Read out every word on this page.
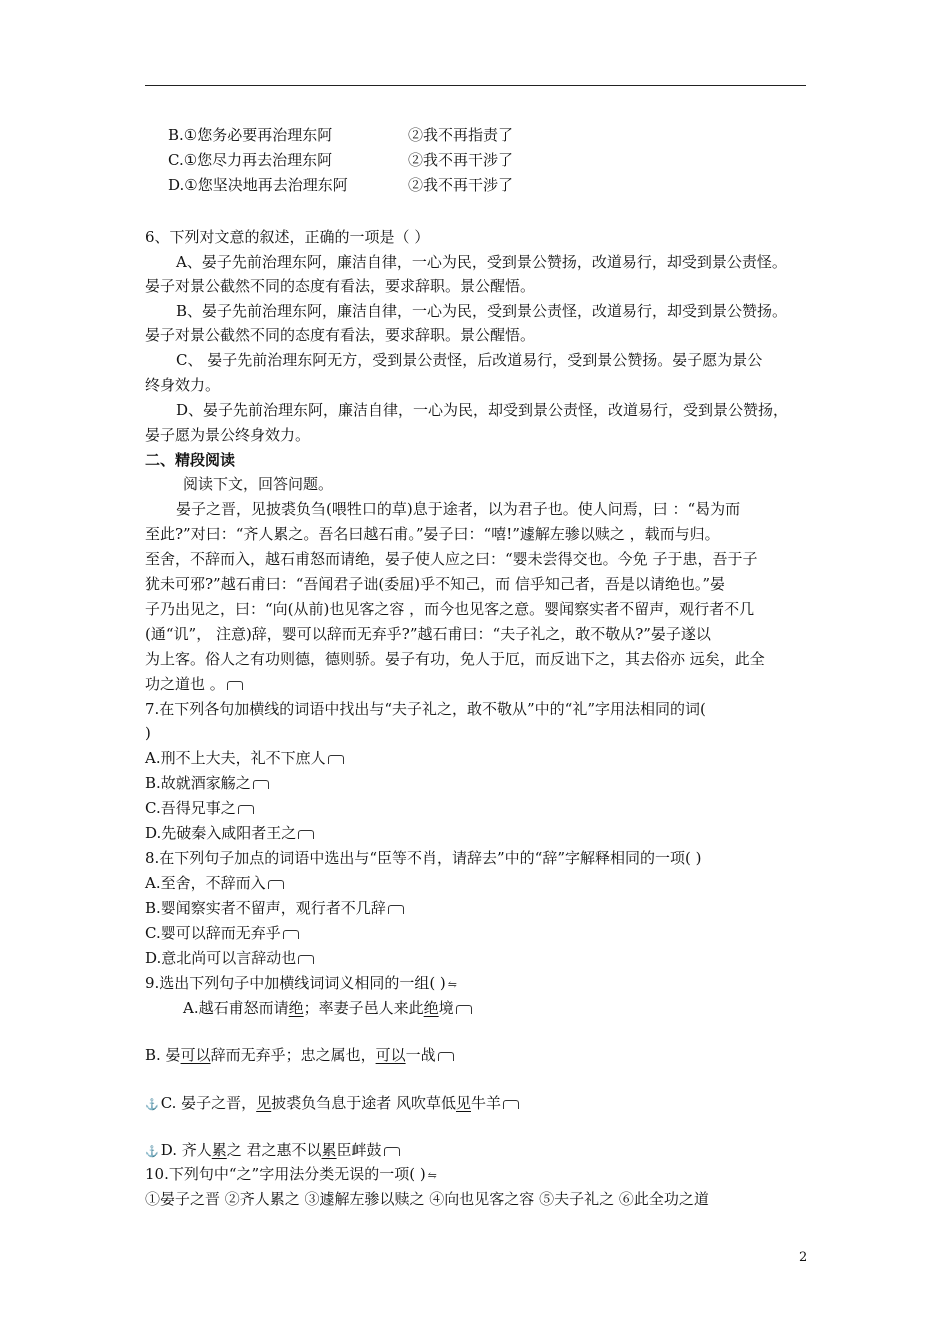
B.①您务必要再治理东阿	②我不再指责了
C.①您尽力再去治理东阿	②我不再干涉了
D.①您坚决地再去治理东阿	②我不再干涉了
6、下列对文意的叙述，正确的一项是（ ）
A、晏子先前治理东阿，廉洁自律，一心为民，受到景公赞扬，改道易行，却受到景公责怪。
晏子对景公截然不同的态度有看法，要求辞职。景公醒悟。
B、晏子先前治理东阿，廉洁自律，一心为民，受到景公责怪，改道易行，却受到景公赞扬。
晏子对景公截然不同的态度有看法，要求辞职。景公醒悟。
C、 晏子先前治理东阿无方，受到景公责怪，后改道易行，受到景公赞扬。晏子愿为景公
终身效力。
D、晏子先前治理东阿，廉洁自律，一心为民，却受到景公责怪，改道易行，受到景公赞扬，
晏子愿为景公终身效力。
二、精段阅读
阅读下文，回答问题。
晏子之晋，见披裘负刍(喂牲口的草)息于途者，以为君子也。使人问焉，曰 ：“曷为而
至此?”对曰：“齐人累之。吾名曰越石甫。”晏子曰：“嘻!”遽解左骖以赎之 ，载而与归。
至舍，不辞而入，越石甫怒而请绝，晏子使人应之曰：“婴未尝得交也。今免 子于患，吾于子
犹未可邪?”越石甫曰：“吾闻君子诎(委屈)乎不知己，而 信乎知己者，吾是以请绝也。”晏
子乃出见之，曰：“向(从前)也见客之容 ，而今也见客之意。婴闻察实者不留声，观行者不几
(通“讥”， 注意)辞，婴可以辞而无弃乎?”越石甫曰：“夫子礼之，敢不敬从?”晏子遂以
为上客。俗人之有功则德，德则骄。晏子有功，免人于厄，而反诎下之，其去俗亦 远矣，此全
功之道也 。
7.在下列各句加横线的词语中找出与“夫子礼之，敢不敬从”中的“礼”字用法相同的词(
)
A.刑不上大夫，礼不下庶人
B.故就酒家觞之
C.吾得兄事之
D.先破秦入咸阳者王之
8.在下列句子加点的词语中选出与“臣等不肖，请辞去”中的“辞”字解释相同的一项( )
A.至舍，不辞而入
B.婴闻察实者不留声，观行者不几辞
C.婴可以辞而无弃乎
D.意北尚可以言辞动也
9.选出下列句子中加横线词词义相同的一组( ) ⇋
A.越石甫怒而请绝；率妻子邑人来此绝境
B. 晏可以辞而无弃乎；忠之属也，可以一战
⚓ C. 晏子之晋，见披裘负刍息于途者 风吹草低见牛羊
⚓ D. 齐人累之 君之惠不以累臣衅鼓
10.下列句中“之”字用法分类无误的一项( ) ⇋
①晏子之晋 ②齐人累之 ③遽解左骖以赎之 ④向也见客之容 ⑤夫子礼之 ⑥此全功之道
2
